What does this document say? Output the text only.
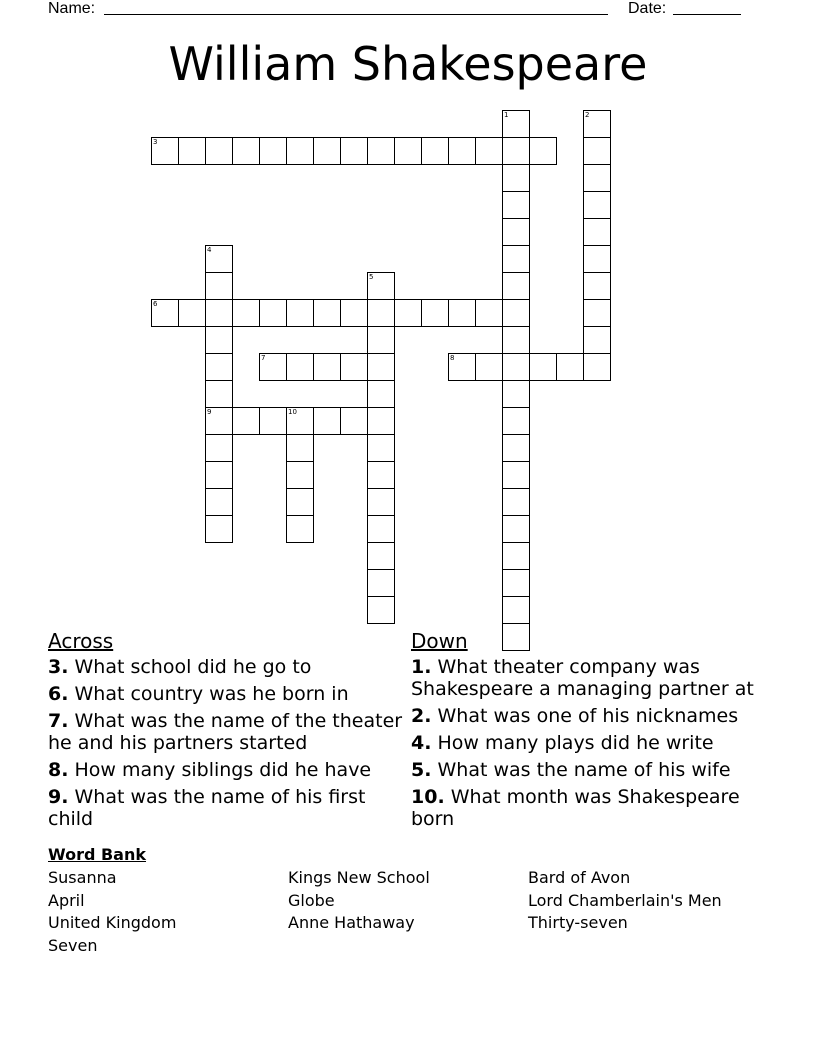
Name:	Date:
William Shakespeare
3
1	2
4
9
5
6
7	8
10
Across
3. What school did he go to
6. What country was he born in
7. What was the name of the theater he and his partners started
8. How many siblings did he have
9. What was the name of his first child
Down
1. What theater company was Shakespeare a managing partner at
2. What was one of his nicknames
4. How many plays did he write
5. What was the name of his wife
10. What month was Shakespeare born
Word Bank
Susanna
April
United Kingdom
Seven
Kings New School
Globe
Anne Hathaway
Bard of Avon
Lord Chamberlain's Men
Thirty-seven
